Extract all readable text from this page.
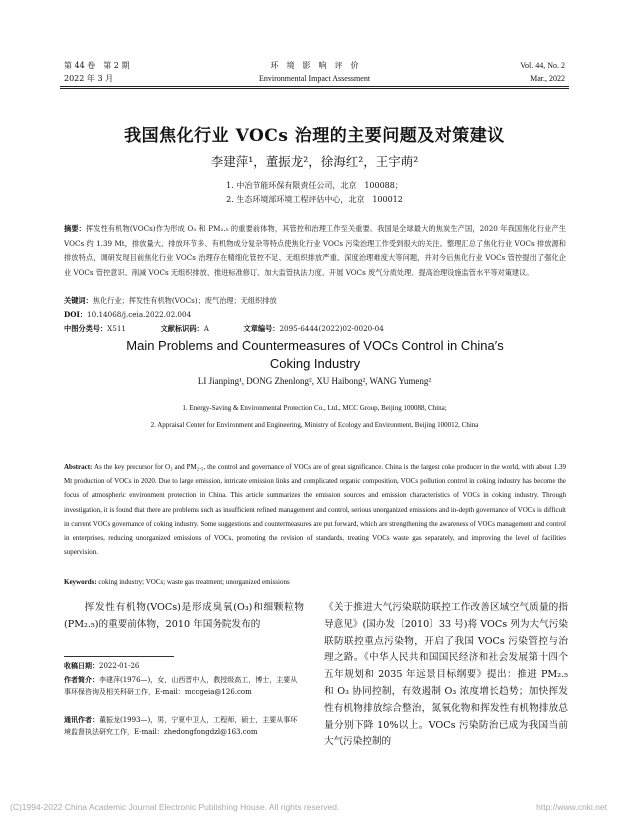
第 44 卷　第 2 期
2022 年 3 月
环　境　影　响　评　价
Environmental Impact Assessment
Vol. 44, No. 2
Mar., 2022
我国焦化行业 VOCs 治理的主要问题及对策建议
李建萍¹，董振龙²，徐海红²，王宇萌²
1. 中冶节能环保有限责任公司，北京　100088；
2. 生态环境部环境工程评估中心，北京　100012
摘要：挥发性有机物(VOCs)作为形成 O₃ 和 PM₂.₅ 的重要前体物，其管控和治理工作至关重要。我国是全球最大的焦炭生产国，2020 年我国焦化行业产生 VOCs 约 1.39 Mt，排放量大、排放环节多、有机物成分复杂等特点使焦化行业 VOCs 污染治理工作受到很大的关注。整理汇总了焦化行业 VOCs 排放源和排放特点，调研发现目前焦化行业 VOCs 治理存在精细化管控不足、无组织排放严重、深度治理难度大等问题，并对今后焦化行业 VOCs 管控提出了强化企业 VOCs 管控意识、削减 VOCs 无组织排放、推进标准修订、加大监管执法力度、开展 VOCs 废气分质处理、提高治理设施监管水平等对策建议。
关键词：焦化行业；挥发性有机物(VOCs)；废气治理；无组织排放
DOI：10.14068/j.ceia.2022.02.004
中图分类号：X511	文献标识码：A	文章编号：2095-6444(2022)02-0020-04
Main Problems and Countermeasures of VOCs Control in China′s
Coking Industry
LI Jianping¹, DONG Zhenlong², XU Haibong², WANG Yumeng²
1. Energy-Saving & Environmental Protection Co., Ltd., MCC Group, Beijing 100088, China;
2. Appraisal Center for Environment and Engineering, Ministry of Ecology and Environment, Beijing 100012, China
Abstract: As the key precursor for O₃ and PM₂.₅, the control and governance of VOCs are of great significance. China is the largest coke producer in the world, with about 1.39 Mt production of VOCs in 2020. Due to large emission, intricate emission links and complicated organic composition, VOCs pollution control in coking industry has become the focus of atmospheric environment protection in China. This article summarizes the emission sources and emission characteristics of VOCs in coking industry. Through investigation, it is found that there are problems such as insufficient refined management and control, serious unorganized emissions and in-depth governance of VOCs is difficult in current VOCs governance of coking industry. Some suggestions and countermeasures are put forward, which are strengthening the awareness of VOCs management and control in enterprises, reducing unorganized emissions of VOCs, promoting the revision of standards, treating VOCs waste gas separately, and improving the level of facilities supervision.
Keywords: coking industry; VOCs; waste gas treatment; unorganized emissions
　　挥发性有机物(VOCs)是形成臭氧(O₃)和细颗粒物(PM₂.₅)的重要前体物，2010 年国务院发布的
《关于推进大气污染联防联控工作改善区域空气质量的指导意见》(国办发〔2010〕33 号)将 VOCs 列为大气污染联防联控重点污染物，开启了我国 VOCs 污染管控与治理之路。《中华人民共和国国民经济和社会发展第十四个五年规划和 2035 年远景目标纲要》提出：推进 PM₂.₅ 和 O₃ 协同控制，有效遏制 O₃ 浓度增长趋势；加快挥发性有机物排放综合整治，氮氧化物和挥发性有机物排放总量分别下降 10%以上。VOCs 污染防治已成为我国当前大气污染控制的
收稿日期：2022-01-26
作者简介：李建萍(1976—)，女，山西晋中人，教授级高工，博士，主要从事环保咨询及相关科研工作，E-mail：mccgeia@126.com
通讯作者：董振龙(1993—)，男，宁夏中卫人，工程师，硕士，主要从事环境监督执法研究工作，E-mail：zhedongfongdzl@163.com
(C)1994-2022 China Academic Journal Electronic Publishing House. All rights reserved.	http://www.cnki.net
